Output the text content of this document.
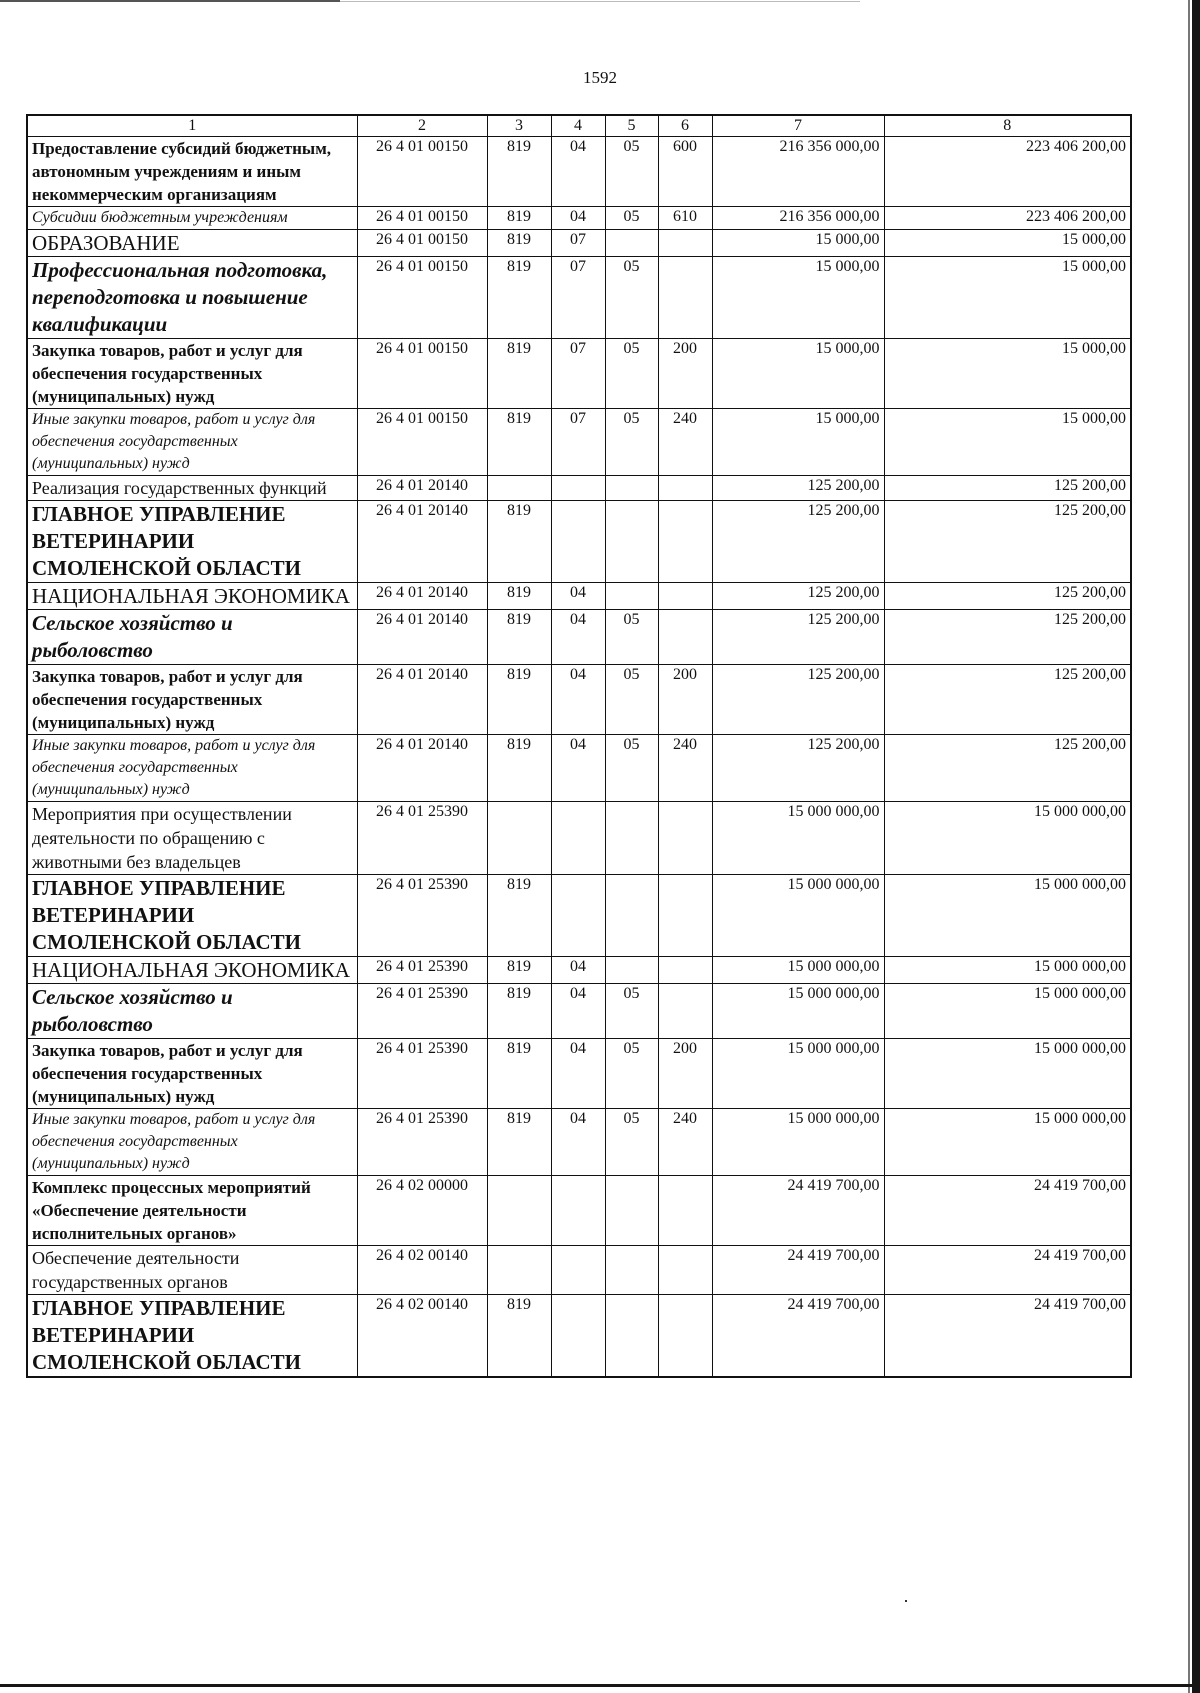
1592
1	2	3	4	5	6	7	8
Предоставление субсидий бюджетным, автономным учреждениям и иным некоммерческим организациям	26 4 01 00150	819	04	05	600	216 356 000,00	223 406 200,00
Субсидии бюджетным учреждениям	26 4 01 00150	819	04	05	610	216 356 000,00	223 406 200,00
ОБРАЗОВАНИЕ	26 4 01 00150	819	07			15 000,00	15 000,00
Профессиональная подготовка, переподготовка и повышение квалификации	26 4 01 00150	819	07	05		15 000,00	15 000,00
Закупка товаров, работ и услуг для обеспечения государственных (муниципальных) нужд	26 4 01 00150	819	07	05	200	15 000,00	15 000,00
Иные закупки товаров, работ и услуг для обеспечения государственных (муниципальных) нужд	26 4 01 00150	819	07	05	240	15 000,00	15 000,00
Реализация государственных функций	26 4 01 20140					125 200,00	125 200,00
ГЛАВНОЕ УПРАВЛЕНИЕ ВЕТЕРИНАРИИ СМОЛЕНСКОЙ ОБЛАСТИ	26 4 01 20140	819				125 200,00	125 200,00
НАЦИОНАЛЬНАЯ ЭКОНОМИКА	26 4 01 20140	819	04			125 200,00	125 200,00
Сельское хозяйство и рыболовство	26 4 01 20140	819	04	05		125 200,00	125 200,00
Закупка товаров, работ и услуг для обеспечения государственных (муниципальных) нужд	26 4 01 20140	819	04	05	200	125 200,00	125 200,00
Иные закупки товаров, работ и услуг для обеспечения государственных (муниципальных) нужд	26 4 01 20140	819	04	05	240	125 200,00	125 200,00
Мероприятия при осуществлении деятельности по обращению с животными без владельцев	26 4 01 25390					15 000 000,00	15 000 000,00
ГЛАВНОЕ УПРАВЛЕНИЕ ВЕТЕРИНАРИИ СМОЛЕНСКОЙ ОБЛАСТИ	26 4 01 25390	819				15 000 000,00	15 000 000,00
НАЦИОНАЛЬНАЯ ЭКОНОМИКА	26 4 01 25390	819	04			15 000 000,00	15 000 000,00
Сельское хозяйство и рыболовство	26 4 01 25390	819	04	05		15 000 000,00	15 000 000,00
Закупка товаров, работ и услуг для обеспечения государственных (муниципальных) нужд	26 4 01 25390	819	04	05	200	15 000 000,00	15 000 000,00
Иные закупки товаров, работ и услуг для обеспечения государственных (муниципальных) нужд	26 4 01 25390	819	04	05	240	15 000 000,00	15 000 000,00
Комплекс процессных мероприятий «Обеспечение деятельности исполнительных органов»	26 4 02 00000					24 419 700,00	24 419 700,00
Обеспечение деятельности государственных органов	26 4 02 00140					24 419 700,00	24 419 700,00
ГЛАВНОЕ УПРАВЛЕНИЕ ВЕТЕРИНАРИИ СМОЛЕНСКОЙ ОБЛАСТИ	26 4 02 00140	819				24 419 700,00	24 419 700,00
